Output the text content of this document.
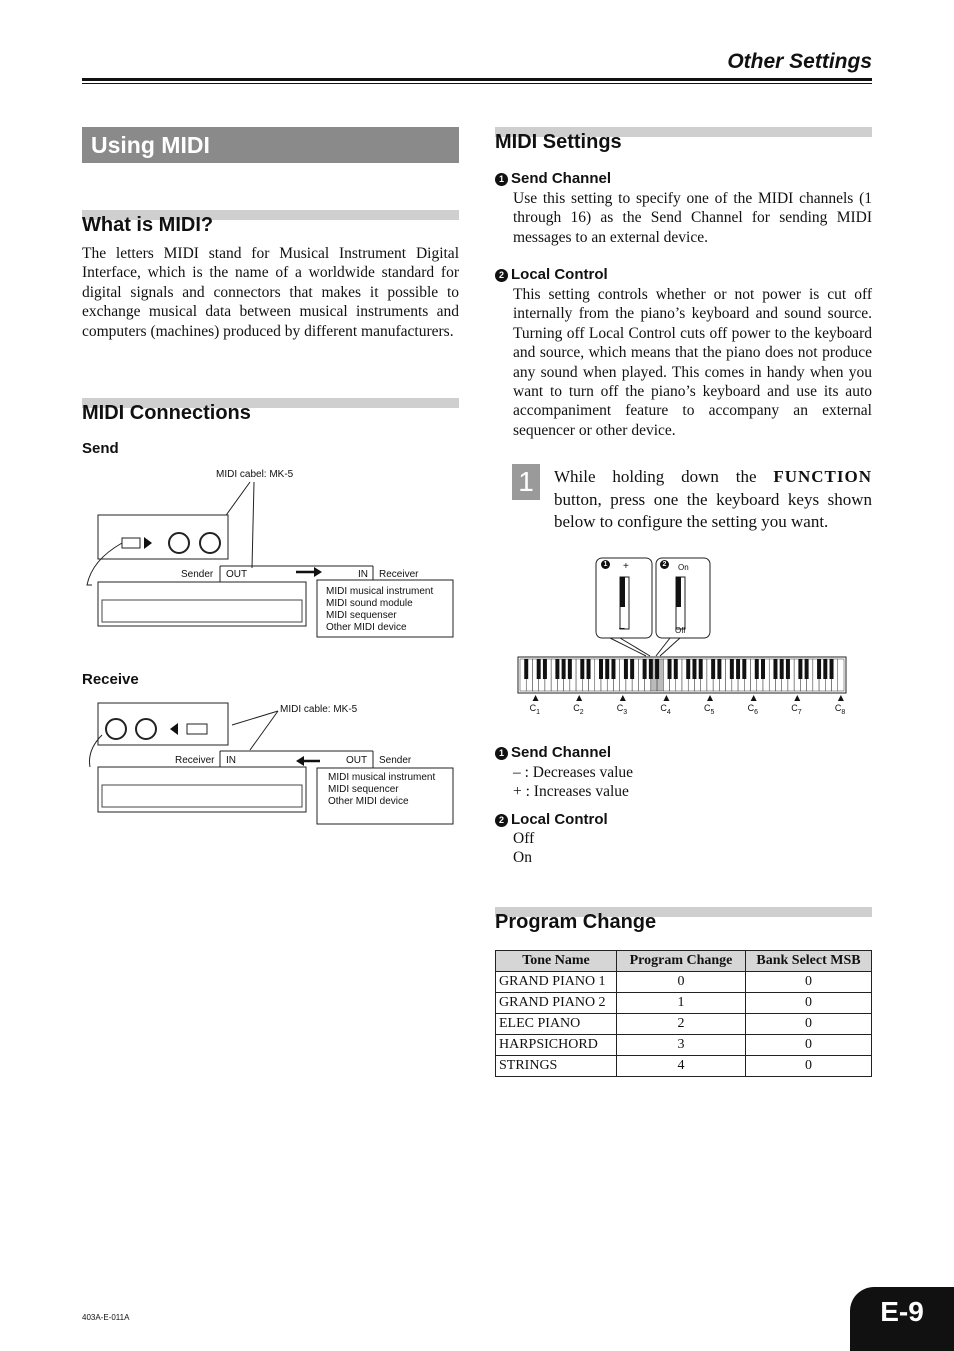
Other Settings
Using MIDI
What is MIDI?
The letters MIDI stand for Musical Instrument Digital Interface, which is the name of a worldwide standard for digital signals and connectors that makes it possible to exchange musical data between musical instruments and computers (machines) produced by different manufacturers.
MIDI Connections
Send
MIDI cabel: MK-5
Sender OUT	IN Receiver
MIDI musical instrument
MIDI sound module
MIDI sequenser
Other MIDI device
Receive
MIDI cable: MK-5
Receiver IN	OUT Sender
MIDI musical instrument
MIDI sequencer
Other MIDI device
MIDI Settings
1 Send Channel
Use this setting to specify one of the MIDI channels (1 through 16) as the Send Channel for sending MIDI messages to an external device.
2 Local Control
This setting controls whether or not power is cut off internally from the piano’s keyboard and sound source. Turning off Local Control cuts off power to the keyboard and source, which means that the piano does not produce any sound when played. This comes in handy when you want to turn off the piano’s keyboard and use its auto accompaniment feature to accompany an external sequencer or other device.
1	While holding down the FUNCTION button, press one the keyboard keys shown below to configure the setting you want.
1	2
+
–
On
Off
$C_1$	$C_2$	$C_3$	$C_4$	$C_5$	$C_6$	$C_7$	$C_8$
1 Send Channel
– : Decreases value
+ : Increases value
2 Local Control
Off
On
Program Change
Tone Name	Program Change	Bank Select MSB
GRAND PIANO 1	0	0
GRAND PIANO 2	1	0
ELEC PIANO	2	0
HARPSICHORD	3	0
STRINGS	4	0
403A-E-011A	E-9
